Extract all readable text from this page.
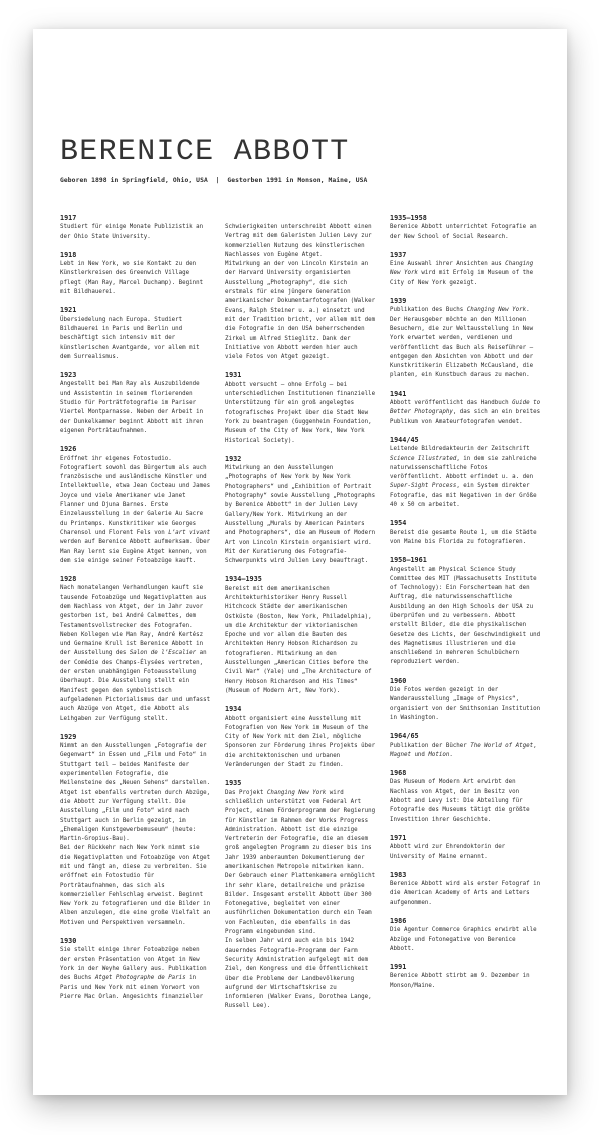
BERENICE ABBOTT
Geboren 1898 in Springfield, Ohio, USA  |  Gestorben 1991 in Monson, Maine, USA
1917

Studiert für einige Monate Publizistik an der Ohio State University.

1918

Lebt in New York, wo sie Kontakt zu den Künstlerkreisen des Greenwich Village pflegt (Man Ray, Marcel Duchamp). Beginnt mit Bildhauerei.

1921

Übersiedelung nach Europa. Studiert Bildhauerei in Paris und Berlin und beschäftigt sich intensiv mit der künstlerischen Avantgarde, vor allem mit dem Surrealismus.

1923

Angestellt bei Man Ray als Auszubildende und Assistentin in seinem florierenden Studio für Porträtfotografie im Pariser Viertel Montparnasse. Neben der Arbeit in der Dunkelkammer beginnt Abbott mit ihren eigenen Porträtaufnahmen.

1926

Eröffnet ihr eigenes Fotostudio. Fotografiert sowohl das Bürgertum als auch französische und ausländische Künstler und Intellektuelle, etwa Jean Cocteau und James Joyce und viele Amerikaner wie Janet Flanner und Djuna Barnes. Erste Einzelausstellung in der Galerie Au Sacre du Printemps. Kunstkritiker wie Georges Charensol und Florent Fels von L’art vivant werden auf Berenice Abbott aufmerksam. Über Man Ray lernt sie Eugène Atget kennen, von dem sie einige seiner Fotoabzüge kauft.

1928

Nach monatelangen Verhandlungen kauft sie tausende Fotoabzüge und Negativplatten aus dem Nachlass von Atget, der im Jahr zuvor gestorben ist, bei André Calmettes, dem Testamentsvollstrecker des Fotografen. Neben Kollegen wie Man Ray, André Kertész und Germaine Krull ist Berenice Abbott in der Ausstellung des Salon de l’Escalier an der Comédie des Champs-Élysées vertreten, der ersten unabhängigen Fotoausstellung überhaupt. Die Ausstellung stellt ein Manifest gegen den symbolistisch aufgeladenen Pictorialismus dar und umfasst auch Abzüge von Atget, die Abbott als Leihgaben zur Verfügung stellt.

1929

Nimmt an den Ausstellungen „Fotografie der Gegenwart“ in Essen und „Film und Foto“ in Stuttgart teil – beides Manifeste der experimentellen Fotografie, die Meilensteine des „Neuen Sehens“ darstellen. Atget ist ebenfalls vertreten durch Abzüge, die Abbott zur Verfügung stellt. Die Ausstellung „Film und Foto“ wird nach Stuttgart auch in Berlin gezeigt, im „Ehemaligen Kunstgewerbemuseum“ (heute: Martin-Gropius-Bau).

Bei der Rückkehr nach New York nimmt sie die Negativplatten und Fotoabzüge von Atget mit und fängt an, diese zu verbreiten. Sie eröffnet ein Fotostudio für Porträtaufnahmen, das sich als kommerzieller Fehlschlag erweist. Beginnt New York zu fotografieren und die Bilder in Alben anzulegen, die eine große Vielfalt an Motiven und Perspektiven versammeln.

1930

Sie stellt einige ihrer Fotoabzüge neben der ersten Präsentation von Atget in New York in der Weyhe Gallery aus. Publikation des Buchs Atget Photographe de Paris in Paris und New York mit einem Vorwort von Pierre Mac Orlan. Angesichts finanzieller

Schwierigkeiten unterschreibt Abbott einen Vertrag mit dem Galeristen Julien Levy zur kommerziellen Nutzung des künstlerischen Nachlasses von Eugène Atget.

Mitwirkung an der von Lincoln Kirstein an der Harvard University organisierten Ausstellung „Photography“, die sich erstmals für eine jüngere Generation amerikanischer Dokumentarfotografen (Walker Evans, Ralph Steiner u. a.) einsetzt und mit der Tradition bricht, vor allem mit dem die Fotografie in den USA beherrschenden Zirkel um Alfred Stieglitz. Dank der Initiative von Abbott werden hier auch viele Fotos von Atget gezeigt.

1931

Abbott versucht – ohne Erfolg – bei unterschiedlichen Institutionen finanzielle Unterstützung für ein groß angelegtes fotografisches Projekt über die Stadt New York zu beantragen (Guggenheim Foundation, Museum of the City of New York, New York Historical Society).

1932

Mitwirkung an den Ausstellungen „Photographs of New York by New York Photographers“ und „Exhibition of Portrait Photography“ sowie Ausstellung „Photographs by Berenice Abbott“ in der Julien Levy Gallery/New York. Mitwirkung an der Ausstellung „Murals by American Painters and Photographers“, die am Museum of Modern Art von Lincoln Kirstein organisiert wird. Mit der Kuratierung des Fotografie-Schwerpunkts wird Julien Levy beauftragt.

1934–1935

Bereist mit dem amerikanischen Architekturhistoriker Henry Russell Hitchcock Städte der amerikanischen Ostküste (Boston, New York, Philadelphia), um die Architektur der viktorianischen Epoche und vor allem die Bauten des Architekten Henry Hobson Richardson zu fotografieren. Mitwirkung an den Ausstellungen „American Cities before the Civil War“ (Yale) und „The Architecture of Henry Hobson Richardson and His Times“ (Museum of Modern Art, New York).

1934

Abbott organisiert eine Ausstellung mit Fotografien von New York im Museum of the City of New York mit dem Ziel, mögliche Sponsoren zur Förderung ihres Projekts über die architektonischen und urbanen Veränderungen der Stadt zu finden.

1935

Das Projekt Changing New York wird schließlich unterstützt vom Federal Art Project, einem Förderprogramm der Regierung für Künstler im Rahmen der Works Progress Administration. Abbott ist die einzige Vertreterin der Fotografie, die an diesem groß angelegten Programm zu dieser bis ins Jahr 1939 anberaumten Dokumentierung der amerikanischen Metropole mitwirken kann. Der Gebrauch einer Plattenkamera ermöglicht ihr sehr klare, detailreiche und präzise Bilder. Insgesamt erstellt Abbott über 300 Fotonegative, begleitet von einer ausführlichen Dokumentation durch ein Team von Fachleuten, die ebenfalls in das Programm eingebunden sind.

In selben Jahr wird auch ein bis 1942 dauerndes Fotografie-Programm der Farm Security Administration aufgelegt mit dem Ziel, den Kongress und die Öffentlichkeit über die Probleme der Landbevölkerung aufgrund der Wirtschaftskrise zu informieren (Walker Evans, Dorothea Lange, Russell Lee).

1935–1958

Berenice Abbott unterrichtet Fotografie an der New School of Social Research.

1937

Eine Auswahl ihrer Ansichten aus Changing New York wird mit Erfolg im Museum of the City of New York gezeigt.

1939

Publikation des Buchs Changing New York. Der Herausgeber möchte an den Millionen Besuchern, die zur Weltausstellung in New York erwartet werden, verdienen und veröffentlicht das Buch als Reiseführer – entgegen den Absichten von Abbott und der Kunstkritikerin Elizabeth McCausland, die planten, ein Kunstbuch daraus zu machen.

1941

Abbott veröffentlicht das Handbuch Guide to Better Photography, das sich an ein breites Publikum von Amateurfotografen wendet.

1944/45

Leitende Bildredakteurin der Zeitschrift Science Illustrated, in dem sie zahlreiche naturwissenschaftliche Fotos veröffentlicht. Abbott erfindet u. a. den Super-Sight Process, ein System direkter Fotografie, das mit Negativen in der Größe 40 x 50 cm arbeitet.

1954

Bereist die gesamte Route 1, um die Städte von Maine bis Florida zu fotografieren.

1958–1961

Angestellt am Physical Science Study Committee des MIT (Massachusetts Institute of Technology): Ein Forscherteam hat den Auftrag, die naturwissenschaftliche Ausbildung an den High Schools der USA zu überprüfen und zu verbessern. Abbott erstellt Bilder, die die physikalischen Gesetze des Lichts, der Geschwindigkeit und des Magnetismus illustrieren und die anschließend in mehreren Schulbüchern reproduziert werden.

1960

Die Fotos werden gezeigt in der Wanderausstellung „Image of Physics“, organisiert von der Smithsonian Institution in Washington.

1964/65

Publikation der Bücher The World of Atget, Magnet und Motion.

1968

Das Museum of Modern Art erwirbt den Nachlass von Atget, der im Besitz von Abbott and Levy ist: Die Abteilung für Fotografie des Museums tätigt die größte Investition ihrer Geschichte.

1971

Abbott wird zur Ehrendoktorin der University of Maine ernannt.

1983

Berenice Abbott wird als erster Fotograf in die American Academy of Arts and Letters aufgenommen.

1986

Die Agentur Commerce Graphics erwirbt alle Abzüge und Fotonegative von Berenice Abbott.

1991

Berenice Abbott stirbt am 9. Dezember in Monson/Maine.
